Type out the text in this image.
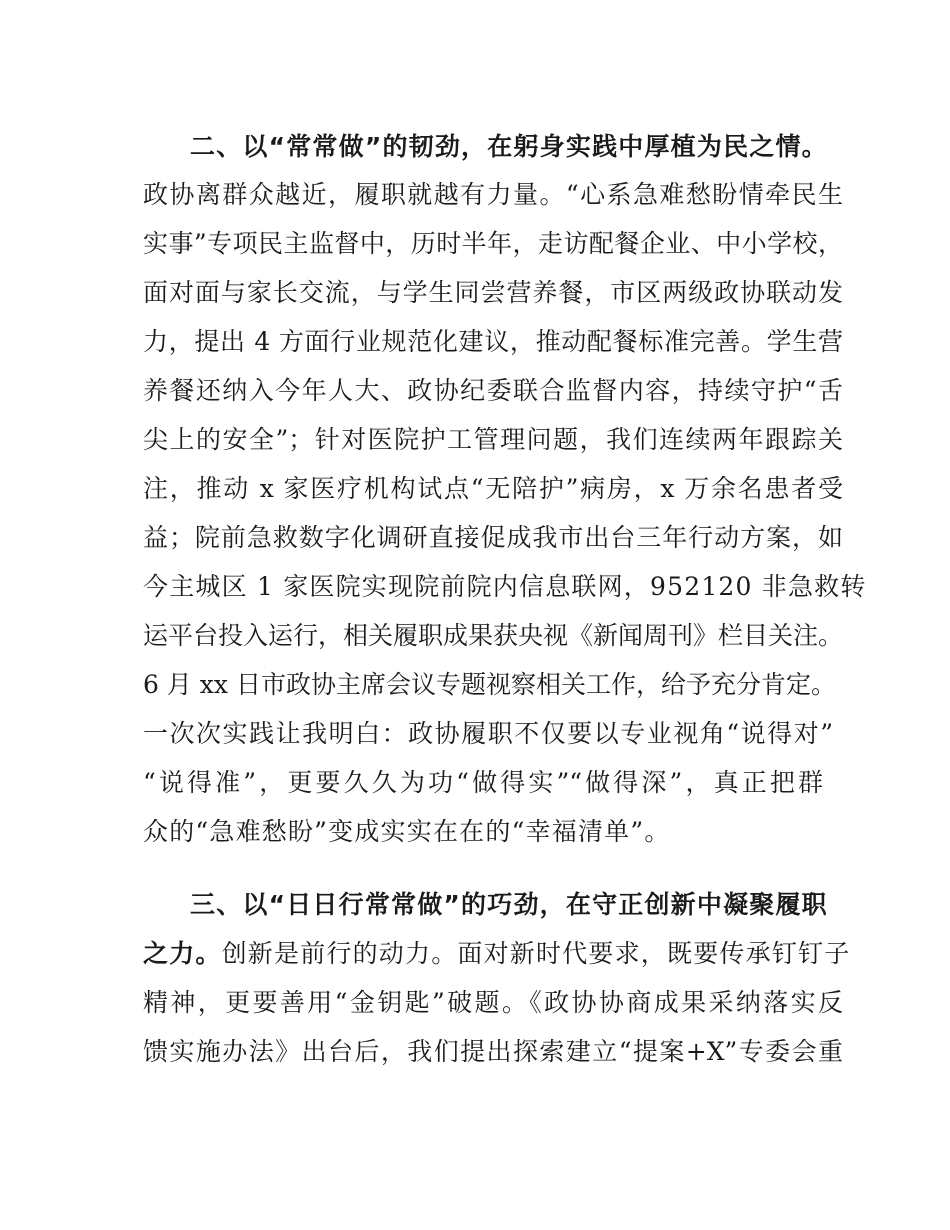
二、以“常常做”的韧劲，在躬身实践中厚植为民之情。
政协离群众越近，履职就越有力量。“心系急难愁盼情牵民生
实事”专项民主监督中，历时半年，走访配餐企业、中小学校，
面对面与家长交流，与学生同尝营养餐，市区两级政协联动发
力，提出 4 方面行业规范化建议，推动配餐标准完善。学生营
养餐还纳入今年人大、政协纪委联合监督内容，持续守护“舌
尖上的安全”；针对医院护工管理问题，我们连续两年跟踪关
注，推动 x 家医疗机构试点“无陪护”病房，x 万余名患者受
益；院前急救数字化调研直接促成我市出台三年行动方案，如
今主城区 1 家医院实现院前院内信息联网，952120 非急救转
运平台投入运行，相关履职成果获央视《新闻周刊》栏目关注。
6 月 xx 日市政协主席会议专题视察相关工作，给予充分肯定。
一次次实践让我明白：政协履职不仅要以专业视角“说得对”
“说得准”，更要久久为功“做得实”“做得深”，真正把群
众的“急难愁盼”变成实实在在的“幸福清单”。
三、以“日日行常常做”的巧劲，在守正创新中凝聚履职
之力。创新是前行的动力。面对新时代要求，既要传承钉钉子
精神，更要善用“金钥匙”破题。《政协协商成果采纳落实反
馈实施办法》出台后，我们提出探索建立“提案+X”专委会重
